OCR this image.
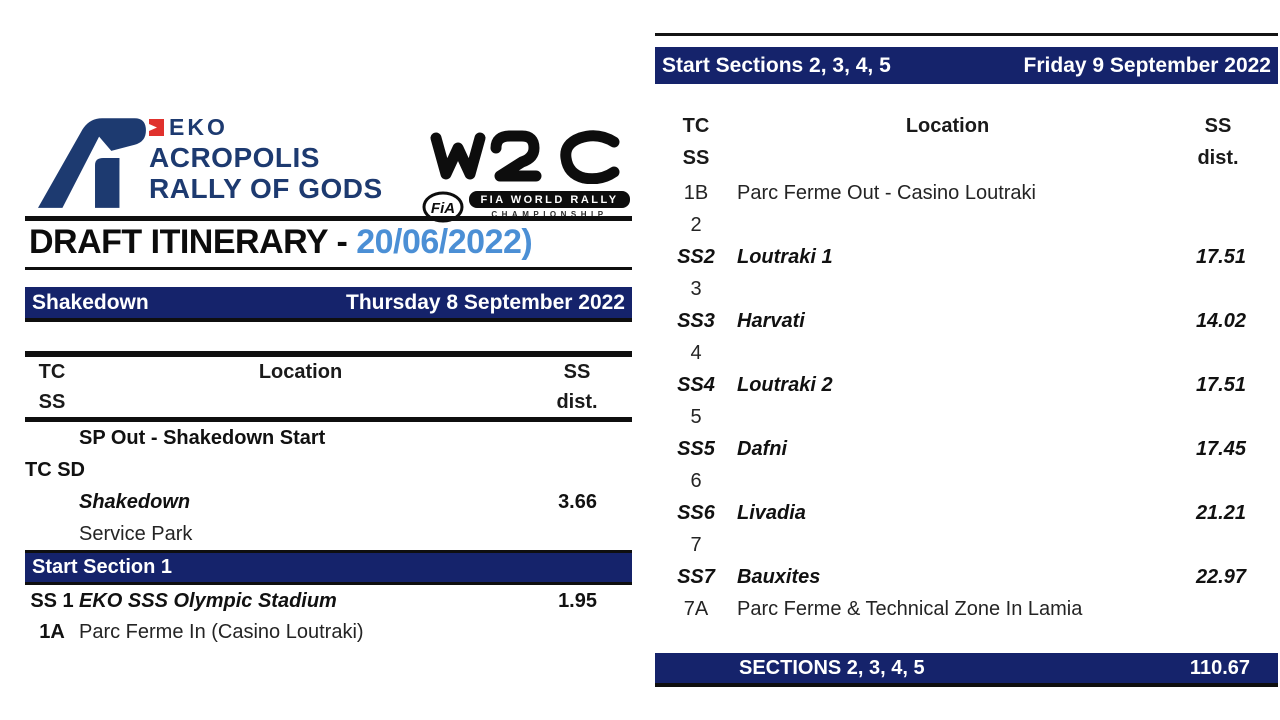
EKO
ACROPOLIS
RALLY OF GODS
FiA	FIA WORLD RALLY
CHAMPIONSHIP
DRAFT ITINERARY - 20/06/2022)
Shakedown	Thursday 8 September 2022
TC	Location	SS
SS	dist.
SP Out - Shakedown Start
TC SD
Shakedown	3.66
Service Park
Start Section 1
SS 1 EKO SSS Olympic Stadium	1.95
1A Parc Ferme In (Casino Loutraki)
Start Sections 2, 3, 4, 5	Friday 9 September 2022
TC	Location	SS
SS	dist.
1B	Parc Ferme Out - Casino Loutraki
2
SS2	Loutraki 1	17.51
3
SS3	Harvati	14.02
4
SS4	Loutraki 2	17.51
5
SS5	Dafni	17.45
6
SS6	Livadia	21.21
7
SS7	Bauxites	22.97
7A	Parc Ferme & Technical Zone In Lamia
SECTIONS 2, 3, 4, 5	110.67
